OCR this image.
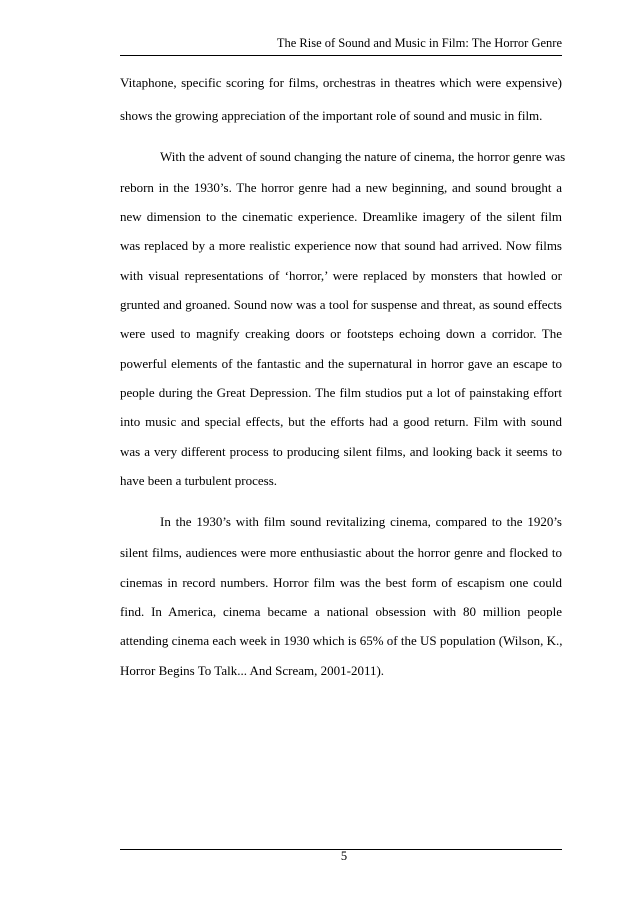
The Rise of Sound and Music in Film: The Horror Genre
Vitaphone, specific scoring for films, orchestras in theatres which were expensive)
shows the growing appreciation of the important role of sound and music in film.
With the advent of sound changing the nature of cinema, the horror genre was
reborn in the 1930’s. The horror genre had a new beginning, and sound brought a
new dimension to the cinematic experience. Dreamlike imagery of the silent film
was replaced by a more realistic experience now that sound had arrived. Now films
with visual representations of ‘horror,’ were replaced by monsters that howled or
grunted and groaned. Sound now was a tool for suspense and threat, as sound effects
were used to magnify creaking doors or footsteps echoing down a corridor. The
powerful elements of the fantastic and the supernatural in horror gave an escape to
people during the Great Depression. The film studios put a lot of painstaking effort
into music and special effects, but the efforts had a good return. Film with sound
was a very different process to producing silent films, and looking back it seems to
have been a turbulent process.
In the 1930’s with film sound revitalizing cinema, compared to the 1920’s
silent films, audiences were more enthusiastic about the horror genre and flocked to
cinemas in record numbers. Horror film was the best form of escapism one could
find. In America, cinema became a national obsession with 80 million people
attending cinema each week in 1930 which is 65% of the US population (Wilson, K.,
Horror Begins To Talk... And Scream, 2001-2011).
5
